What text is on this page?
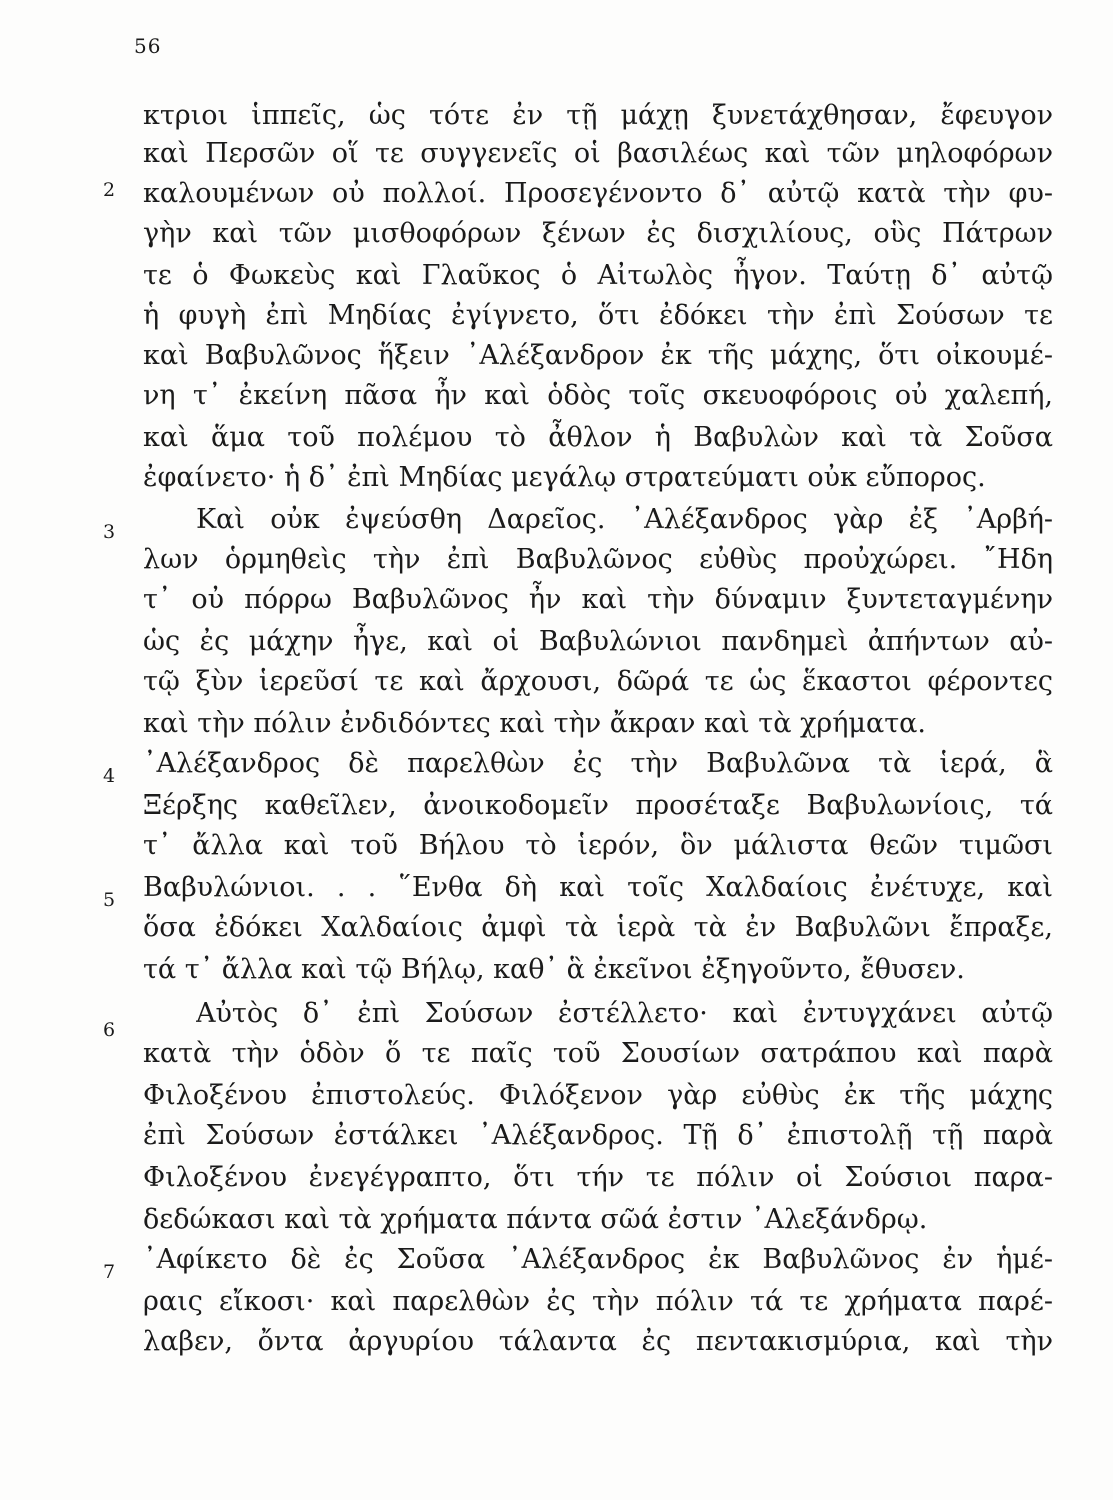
56
2
3
4
5
6
7
κτριοι ἱππεῖς, ὡς τότε ἐν τῇ μάχῃ ξυνετάχθησαν, ἔφευγον
καὶ Περσῶν οἵ τε συγγενεῖς οἱ βασιλέως καὶ τῶν μηλοφόρων
καλουμένων οὐ πολλοί. Προσεγένοντο δ᾿ αὐτῷ κατὰ τὴν φυ-
γὴν καὶ τῶν μισθοφόρων ξένων ἐς δισχιλίους, οὓς Πάτρων
τε ὁ Φωκεὺς καὶ Γλαῦκος ὁ Αἰτωλὸς ἦγον. Ταύτῃ δ᾿ αὐτῷ
ἡ φυγὴ ἐπὶ Μηδίας ἐγίγνετο, ὅτι ἐδόκει τὴν ἐπὶ Σούσων τε
καὶ Βαβυλῶνος ἥξειν ᾿Αλέξανδρον ἐκ τῆς μάχης, ὅτι οἰκουμέ-
νη τ᾿ ἐκείνη πᾶσα ἦν καὶ ὁδὸς τοῖς σκευοφόροις οὐ χαλεπή,
καὶ ἅμα τοῦ πολέμου τὸ ἆθλον ἡ Βαβυλὼν καὶ τὰ Σοῦσα
ἐφαίνετο· ἡ δ᾿ ἐπὶ Μηδίας μεγάλῳ στρατεύματι οὐκ εὔπορος.
Καὶ οὐκ ἐψεύσθη Δαρεῖος. ᾿Αλέξανδρος γὰρ ἐξ ᾿Αρβή-
λων ὁρμηθεὶς τὴν ἐπὶ Βαβυλῶνος εὐθὺς προὐχώρει. ῎Ηδη
τ᾿ οὐ πόρρω Βαβυλῶνος ἦν καὶ τὴν δύναμιν ξυντεταγμένην
ὡς ἐς μάχην ἦγε, καὶ οἱ Βαβυλώνιοι πανδημεὶ ἀπήντων αὐ-
τῷ ξὺν ἱερεῦσί τε καὶ ἄρχουσι, δῶρά τε ὡς ἕκαστοι φέροντες
καὶ τὴν πόλιν ἐνδιδόντες καὶ τὴν ἄκραν καὶ τὰ χρήματα.
᾿Αλέξανδρος δὲ παρελθὼν ἐς τὴν Βαβυλῶνα τὰ ἱερά, ἃ
Ξέρξης καθεῖλεν, ἀνοικοδομεῖν προσέταξε Βαβυλωνίοις, τά
τ᾿ ἄλλα καὶ τοῦ Βήλου τὸ ἱερόν, ὃν μάλιστα θεῶν τιμῶσι
Βαβυλώνιοι. . . ῞Ενθα δὴ καὶ τοῖς Χαλδαίοις ἐνέτυχε, καὶ
ὅσα ἐδόκει Χαλδαίοις ἀμφὶ τὰ ἱερὰ τὰ ἐν Βαβυλῶνι ἔπραξε,
τά τ᾿ ἄλλα καὶ τῷ Βήλῳ, καθ᾿ ἃ ἐκεῖνοι ἐξηγοῦντο, ἔθυσεν.
Αὐτὸς δ᾿ ἐπὶ Σούσων ἐστέλλετο· καὶ ἐντυγχάνει αὐτῷ
κατὰ τὴν ὁδὸν ὅ τε παῖς τοῦ Σουσίων σατράπου καὶ παρὰ
Φιλοξένου ἐπιστολεύς. Φιλόξενον γὰρ εὐθὺς ἐκ τῆς μάχης
ἐπὶ Σούσων ἐστάλκει ᾿Αλέξανδρος. Τῇ δ᾿ ἐπιστολῇ τῇ παρὰ
Φιλοξένου ἐνεγέγραπτο, ὅτι τήν τε πόλιν οἱ Σούσιοι παρα-
δεδώκασι καὶ τὰ χρήματα πάντα σῶά ἐστιν ᾿Αλεξάνδρῳ.
᾿Αφίκετο δὲ ἐς Σοῦσα ᾿Αλέξανδρος ἐκ Βαβυλῶνος ἐν ἡμέ-
ραις εἴκοσι· καὶ παρελθὼν ἐς τὴν πόλιν τά τε χρήματα παρέ-
λαβεν, ὄντα ἀργυρίου τάλαντα ἐς πεντακισμύρια, καὶ τὴν
